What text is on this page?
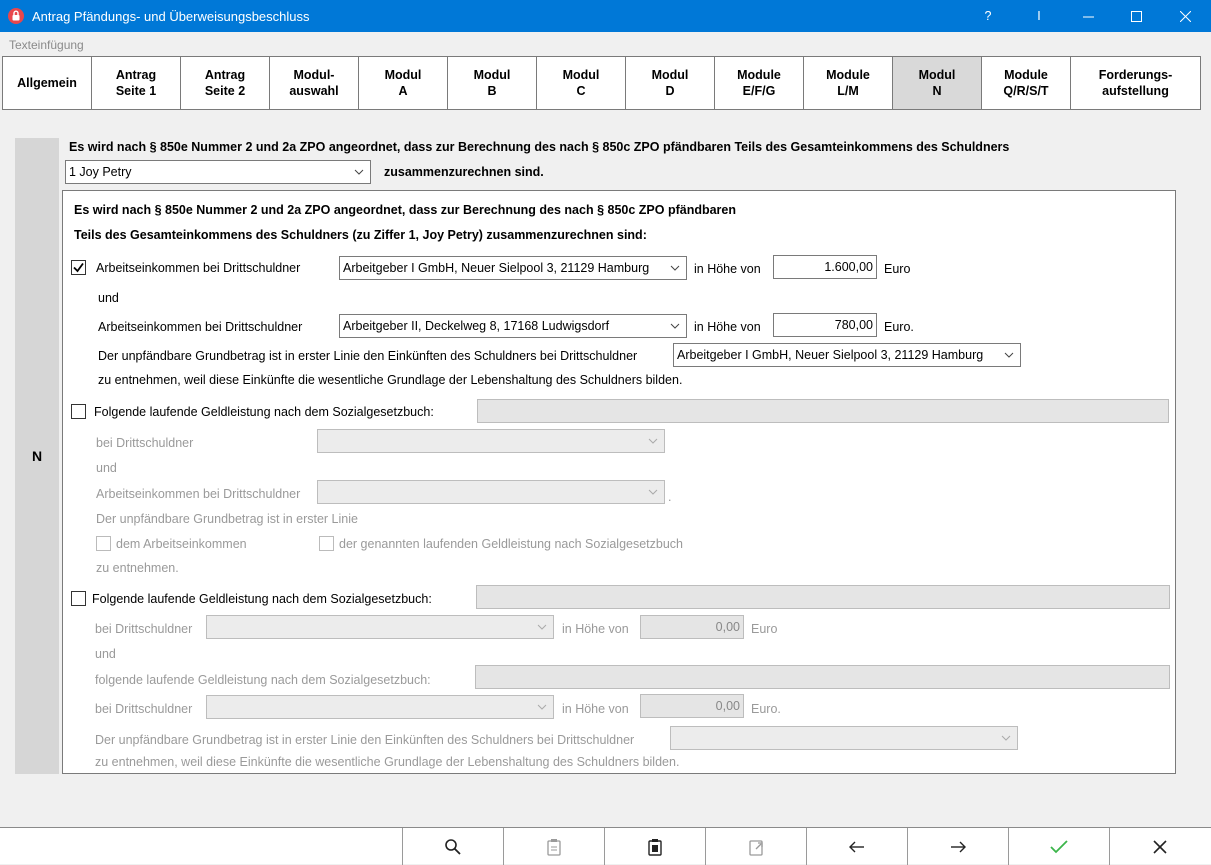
Antrag Pfändungs- und Überweisungsbeschluss	?	I
Texteinfügung
Allgemein
Antrag
Seite 1
Antrag
Seite 2
Modul-
auswahl
Modul
A
Modul
B
Modul
C
Modul
D
Module
E/F/G
Module
L/M
Modul
N
Module
Q/R/S/T
Forderungs-
aufstellung
N
Es wird nach § 850e Nummer 2 und 2a ZPO angeordnet, dass zur Berechnung des nach § 850c ZPO pfändbaren Teils des Gesamteinkommens des Schuldners
1 Joy Petry	zusammenzurechnen sind.
Es wird nach § 850e Nummer 2 und 2a ZPO angeordnet, dass zur Berechnung des nach § 850c ZPO pfändbaren
Teils des Gesamteinkommens des Schuldners (zu Ziffer 1, Joy Petry) zusammenzurechnen sind:
Arbeitseinkommen bei Drittschuldner	Arbeitgeber I GmbH, Neuer Sielpool 3, 21129 Hamburg	in Höhe von	1.600,00 Euro
und
Arbeitseinkommen bei Drittschuldner	Arbeitgeber II, Deckelweg 8, 17168 Ludwigsdorf	in Höhe von	780,00 Euro.
Der unpfändbare Grundbetrag ist in erster Linie den Einkünften des Schuldners bei Drittschuldner	Arbeitgeber I GmbH, Neuer Sielpool 3, 21129 Hamburg
zu entnehmen, weil diese Einkünfte die wesentliche Grundlage der Lebenshaltung des Schuldners bilden.
Folgende laufende Geldleistung nach dem Sozialgesetzbuch:
bei Drittschuldner
und
Arbeitseinkommen bei Drittschuldner	.
Der unpfändbare Grundbetrag ist in erster Linie
dem Arbeitseinkommen	der genannten laufenden Geldleistung nach Sozialgesetzbuch
zu entnehmen.
Folgende laufende Geldleistung nach dem Sozialgesetzbuch:
bei Drittschuldner	in Höhe von	0,00 Euro
und
folgende laufende Geldleistung nach dem Sozialgesetzbuch:
bei Drittschuldner	in Höhe von	0,00 Euro.
Der unpfändbare Grundbetrag ist in erster Linie den Einkünften des Schuldners bei Drittschuldner
zu entnehmen, weil diese Einkünfte die wesentliche Grundlage der Lebenshaltung des Schuldners bilden.
